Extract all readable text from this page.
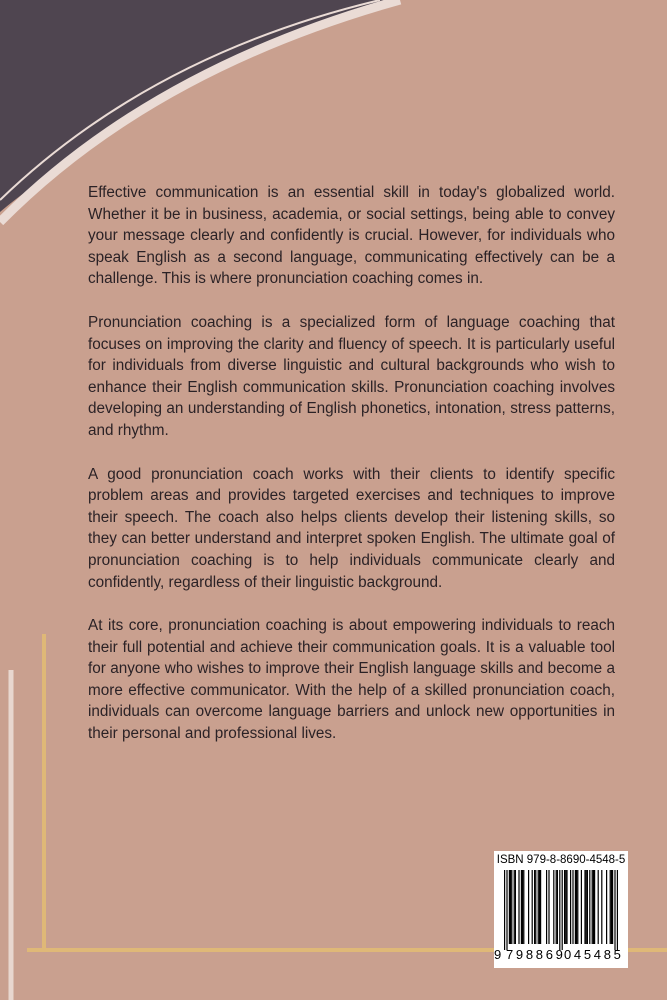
Effective communication is an essential skill in today's globalized world. Whether it be in business, academia, or social settings, being able to convey your message clearly and confidently is crucial. However, for individuals who speak English as a second language, communicating effectively can be a challenge. This is where pronunciation coaching comes in.

Pronunciation coaching is a specialized form of language coaching that focuses on improving the clarity and fluency of speech. It is particularly useful for individuals from diverse linguistic and cultural backgrounds who wish to enhance their English communication skills. Pronunciation coaching involves developing an understanding of English phonetics, intonation, stress patterns, and rhythm.

A good pronunciation coach works with their clients to identify specific problem areas and provides targeted exercises and techniques to improve their speech. The coach also helps clients develop their listening skills, so they can better understand and interpret spoken English. The ultimate goal of pronunciation coaching is to help individuals communicate clearly and confidently, regardless of their linguistic background.

At its core, pronunciation coaching is about empowering individuals to reach their full potential and achieve their communication goals. It is a valuable tool for anyone who wishes to improve their English language skills and become a more effective communicator. With the help of a skilled pronunciation coach, individuals can overcome language barriers and unlock new opportunities in their personal and professional lives.

ISBN 979-8-8690-4548-5
9 798869
045485
